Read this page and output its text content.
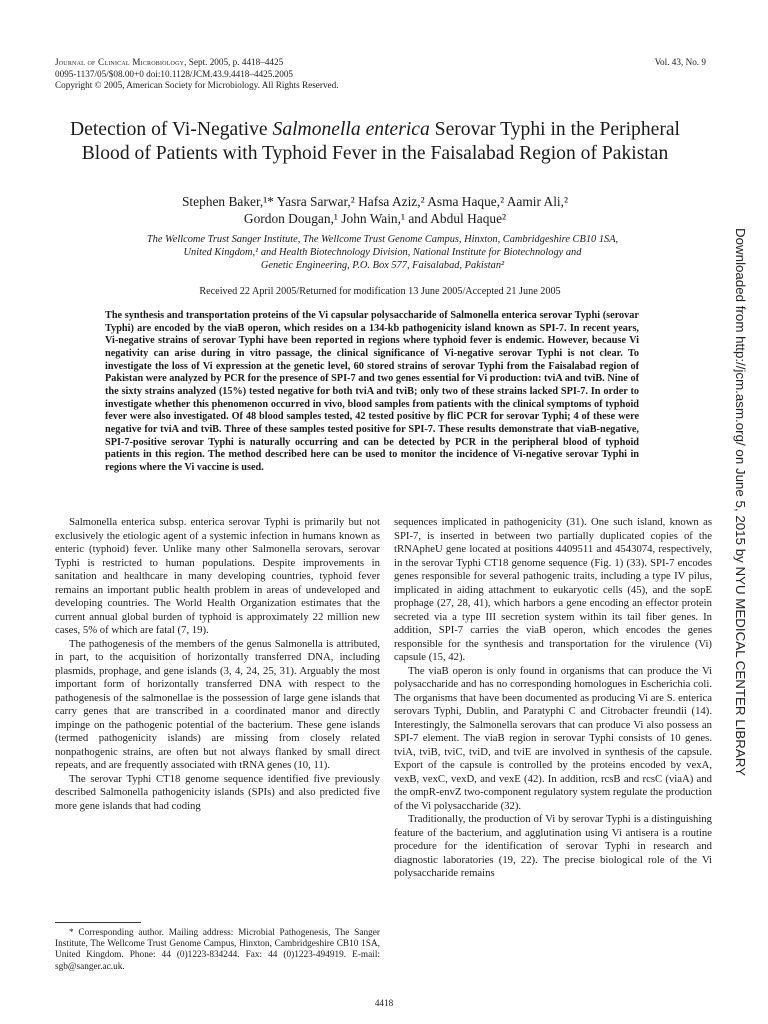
Journal of Clinical Microbiology, Sept. 2005, p. 4418–4425
0095-1137/05/$08.00+0 doi:10.1128/JCM.43.9.4418–4425.2005
Copyright © 2005, American Society for Microbiology. All Rights Reserved.
Vol. 43, No. 9
Detection of Vi-Negative Salmonella enterica Serovar Typhi in the Peripheral Blood of Patients with Typhoid Fever in the Faisalabad Region of Pakistan
Stephen Baker,¹* Yasra Sarwar,² Hafsa Aziz,² Asma Haque,² Aamir Ali,²
Gordon Dougan,¹ John Wain,¹ and Abdul Haque²
The Wellcome Trust Sanger Institute, The Wellcome Trust Genome Campus, Hinxton, Cambridgeshire CB10 1SA,
United Kingdom,¹ and Health Biotechnology Division, National Institute for Biotechnology and
Genetic Engineering, P.O. Box 577, Faisalabad, Pakistan²
Received 22 April 2005/Returned for modification 13 June 2005/Accepted 21 June 2005
The synthesis and transportation proteins of the Vi capsular polysaccharide of Salmonella enterica serovar Typhi (serovar Typhi) are encoded by the viaB operon, which resides on a 134-kb pathogenicity island known as SPI-7. In recent years, Vi-negative strains of serovar Typhi have been reported in regions where typhoid fever is endemic. However, because Vi negativity can arise during in vitro passage, the clinical significance of Vi-negative serovar Typhi is not clear. To investigate the loss of Vi expression at the genetic level, 60 stored strains of serovar Typhi from the Faisalabad region of Pakistan were analyzed by PCR for the presence of SPI-7 and two genes essential for Vi production: tviA and tviB. Nine of the sixty strains analyzed (15%) tested negative for both tviA and tviB; only two of these strains lacked SPI-7. In order to investigate whether this phenomenon occurred in vivo, blood samples from patients with the clinical symptoms of typhoid fever were also investigated. Of 48 blood samples tested, 42 tested positive by fliC PCR for serovar Typhi; 4 of these were negative for tviA and tviB. Three of these samples tested positive for SPI-7. These results demonstrate that viaB-negative, SPI-7-positive serovar Typhi is naturally occurring and can be detected by PCR in the peripheral blood of typhoid patients in this region. The method described here can be used to monitor the incidence of Vi-negative serovar Typhi in regions where the Vi vaccine is used.

Salmonella enterica subsp. enterica serovar Typhi is primarily but not exclusively the etiologic agent of a systemic infection in humans known as enteric (typhoid) fever. Unlike many other Salmonella serovars, serovar Typhi is restricted to human populations. Despite improvements in sanitation and healthcare in many developing countries, typhoid fever remains an important public health problem in areas of undeveloped and developing countries. The World Health Organization estimates that the current annual global burden of typhoid is approximately 22 million new cases, 5% of which are fatal (7, 19).

The pathogenesis of the members of the genus Salmonella is attributed, in part, to the acquisition of horizontally transferred DNA, including plasmids, prophage, and gene islands (3, 4, 24, 25, 31). Arguably the most important form of horizontally transferred DNA with respect to the pathogenesis of the salmonellae is the possession of large gene islands that carry genes that are transcribed in a coordinated manor and directly impinge on the pathogenic potential of the bacterium. These gene islands (termed pathogenicity islands) are missing from closely related nonpathogenic strains, are often but not always flanked by small direct repeats, and are frequently associated with tRNA genes (10, 11).

The serovar Typhi CT18 genome sequence identified five previously described Salmonella pathogenicity islands (SPIs) and also predicted five more gene islands that had coding

sequences implicated in pathogenicity (31). One such island, known as SPI-7, is inserted in between two partially duplicated copies of the tRNApheU gene located at positions 4409511 and 4543074, respectively, in the serovar Typhi CT18 genome sequence (Fig. 1) (33). SPI-7 encodes genes responsible for several pathogenic traits, including a type IV pilus, implicated in aiding attachment to eukaryotic cells (45), and the sopE prophage (27, 28, 41), which harbors a gene encoding an effector protein secreted via a type III secretion system within its tail fiber genes. In addition, SPI-7 carries the viaB operon, which encodes the genes responsible for the synthesis and transportation for the virulence (Vi) capsule (15, 42).

The viaB operon is only found in organisms that can produce the Vi polysaccharide and has no corresponding homologues in Escherichia coli. The organisms that have been documented as producing Vi are S. enterica serovars Typhi, Dublin, and Paratyphi C and Citrobacter freundii (14). Interestingly, the Salmonella serovars that can produce Vi also possess an SPI-7 element. The viaB region in serovar Typhi consists of 10 genes. tviA, tviB, tviC, tviD, and tviE are involved in synthesis of the capsule. Export of the capsule is controlled by the proteins encoded by vexA, vexB, vexC, vexD, and vexE (42). In addition, rcsB and rcsC (viaA) and the ompR-envZ two-component regulatory system regulate the production of the Vi polysaccharide (32).

Traditionally, the production of Vi by serovar Typhi is a distinguishing feature of the bacterium, and agglutination using Vi antisera is a routine procedure for the identification of serovar Typhi in research and diagnostic laboratories (19, 22). The precise biological role of the Vi polysaccharide remains

* Corresponding author. Mailing address: Microbial Pathogenesis, The Sanger Institute, The Wellcome Trust Genome Campus, Hinxton, Cambridgeshire CB10 1SA, United Kingdom. Phone: 44 (0)1223-834244. Fax: 44 (0)1223-494919. E-mail: sgb@sanger.ac.uk.
4418
Downloaded from http://jcm.asm.org/ on June 5, 2015 by NYU MEDICAL CENTER LIBRARY
